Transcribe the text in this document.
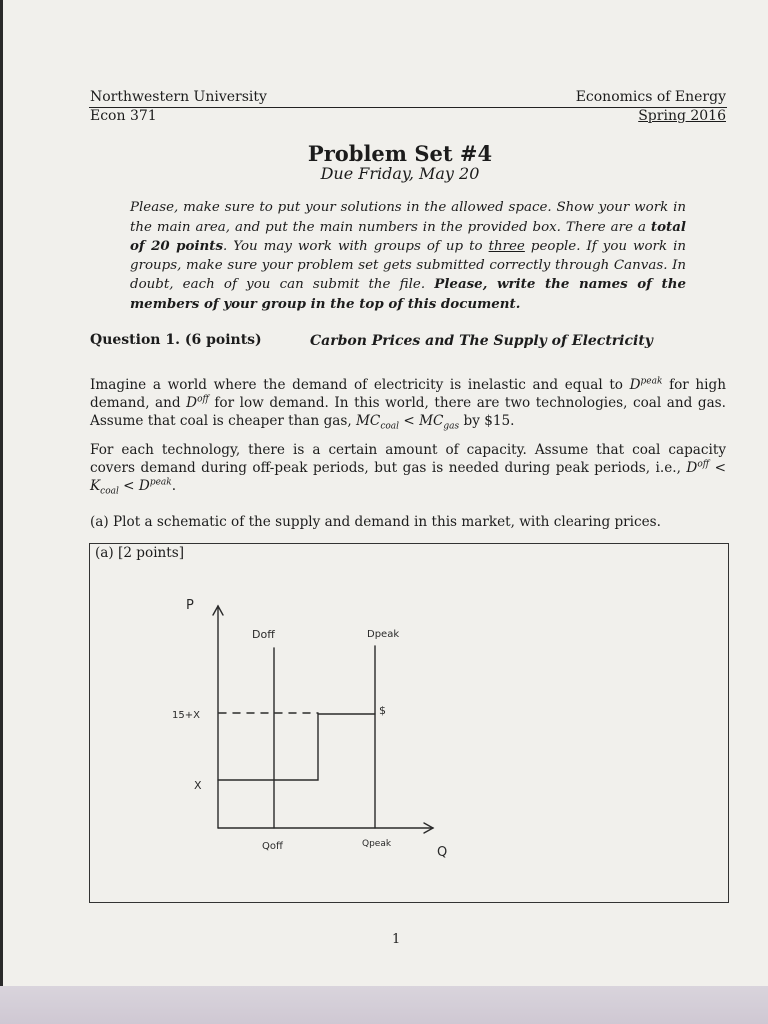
Northwestern University
Econ 371
Economics of Energy
Spring 2016
Problem Set #4
Due Friday, May 20
Please, make sure to put your solutions in the allowed space. Show your work in the main area, and put the main numbers in the provided box. There are a total of 20 points. You may work with groups of up to three people. If you work in groups, make sure your problem set gets submitted correctly through Canvas. In doubt, each of you can submit the file. Please, write the names of the members of your group in the top of this document.
Question 1. (6 points)	Carbon Prices and The Supply of Electricity
Imagine a world where the demand of electricity is inelastic and equal to $D^{peak}$ for high demand, and $D^{off}$ for low demand. In this world, there are two technologies, coal and gas. Assume that coal is cheaper than gas, $MC_{coal} < MC_{gas}$ by $15.
For each technology, there is a certain amount of capacity. Assume that coal capacity covers demand during off-peak periods, but gas is needed during peak periods, i.e., $D^{off} < K_{coal} < D^{peak}$.
(a) Plot a schematic of the supply and demand in this market, with clearing prices.
(a) [2 points]
P
Q
Doff	Dpeak
15+X
X
Qoff	Qpeak
$
1
